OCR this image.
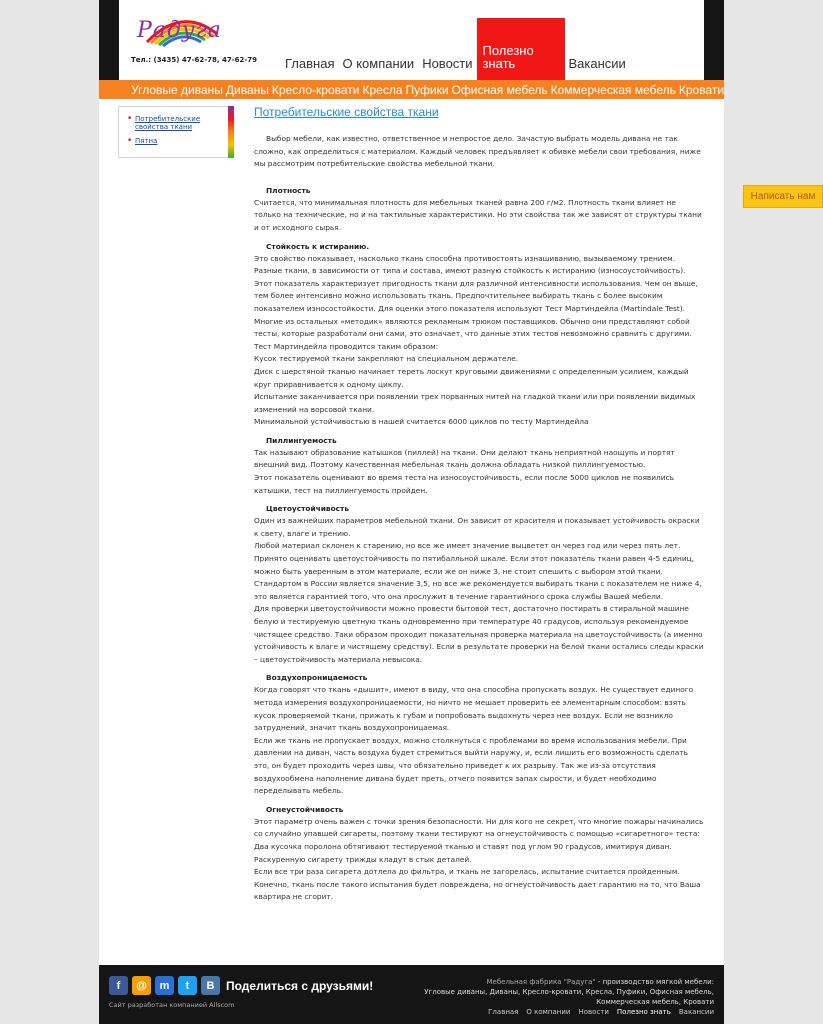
Радуга
Тел.: (3435) 47-62-78, 47-62-79	Главная О компании Новости
Полезно знать	Вакансии
Угловые диваны Диваны Кресло-кровати Кресла Пуфики Офисная мебель Коммерческая мебель Кровати
• Потребительские свойства ткани
• Пятна
Потребительские свойства ткани

Выбор мебели, как известно, ответственное и непростое дело. Зачастую выбрать модель дивана не так сложно, как определиться с материалом. Каждый человек предъявляет к обивке мебели свои требования, ниже мы рассмотрим потребительские свойства мебельной ткани.

Плотность

Считается, что минимальная плотность для мебельных тканей равна 200 г/м2. Плотность ткани влияет не только на технические, но и на тактильные характеристики. Но эти свойства так же зависят от структуры ткани и от исходного сырья.

Стойкость к истиранию.

Это свойство показывает, насколько ткань способна противостоять изнашиванию, вызываемому трением. Разные ткани, в зависимости от типа и состава, имеют разную стойкость к истиранию (износоустойчивость). Этот показатель характеризует пригодность ткани для различной интенсивности использования. Чем он выше, тем более интенсивно можно использовать ткань. Предпочтительнее выбирать ткань с более высоким показателем износостойкости. Для оценки этого показателя используют Тест Мартиндейла (Martindale Test).
Многие из остальных «методик» являются рекламным трюком поставщиков. Обычно они представляют собой тесты, которые разработали они сами, это означает, что данные этих тестов невозможно сравнить с другими. Тест Мартиндейла проводится таким образом:
Кусок тестируемой ткани закрепляют на специальном держателе.
Диск с шерстяной тканью начинает тереть лоскут круговыми движениями с определенным усилием, каждый круг приравнивается к одному циклу.
Испытание заканчивается при появлении трех порванных нитей на гладкой ткани или при появлении видимых изменений на ворсовой ткани.
Минимальной устойчивостью в нашей считается 6000 циклов по тесту Мартиндейла

Пиллингуемость

Так называют образование катышков (пиллей) на ткани. Они делают ткань неприятной наощупь и портят внешний вид. Поэтому качественная мебельная ткань должна обладать низкой пиллингуемостью.
Этот показатель оценивают во время теста на износоустойчивость, если после 5000 циклов не появились катышки, тест на пиллингуемость пройден.

Цветоустойчивость

Один из важнейших параметров мебельной ткани. Он зависит от красителя и показывает устойчивость окраски к свету, влаге и трению.
Любой материал склонен к старению, но все же имеет значение выцветет он через год или через пять лет. Принято оценивать цветоустойчивость по пятибалльной шкале. Если этот показатель ткани равен 4-5 единиц, можно быть уверенным в этом материале, если же он ниже 3, не стоит спешить с выбором этой ткани. Стандартом в России является значение 3,5, но все же рекомендуется выбирать ткани с показателем не ниже 4, это является гарантией того, что она прослужит в течение гарантийного срока службы Вашей мебели.
Для проверки цветоустойчивости можно провести бытовой тест, достаточно постирать в стиральной машине белую и тестируемую цветную ткань одновременно при температуре 40 градусов, используя рекомендуемое чистящее средство. Таки образом проходит показательная проверка материала на цветоустойчивость (а именно устойчивость к влаге и чистящему средству). Если в результате проверки на белой ткани остались следы краски – цветоустойчивость материала невысока.

Воздухопроницаемость

Когда говорят что ткань «дышит», имеют в виду, что она способна пропускать воздух. Не существует единого метода измерения воздухопроницаемости, но ничто не мешает проверить ее элементарным способом: взять кусок проверяемой ткани, прижать к губам и попробовать выдохнуть через нее воздух. Если не возникло затруднений, значит ткань воздухопроницаемая.
Если же ткань не пропускает воздух, можно столкнуться с проблемами во время использования мебели. При давлении на диван, часть воздуха будет стремиться выйти наружу, и, если лишить его возможность сделать это, он будет проходить через швы, что обязательно приведет к их разрыву. Так же из-за отсутствия воздухообмена наполнение дивана будет преть, отчего появится запах сырости, и будет необходимо переделывать мебель.

Огнеустойчивость

Этот параметр очень важен с точки зрения безопасности. Ни для кого не секрет, что многие пожары начинались со случайно упавшей сигареты, поэтому ткани тестируют на огнеустойчивость с помощью «сигаретного» теста:
Два кусочка поролона обтягивают тестируемой тканью и ставят под углом 90 градусов, имитируя диван. Раскуренную сигарету трижды кладут в стык деталей.
Если все три раза сигарета дотлела до фильтра, и ткань не загорелась, испытание считается пройденным. Конечно, ткань после такого испытания будет повреждена, но огнеустойчивость дает гарантию на то, что Ваша квартира не сгорит.

f	@	m	t	B Поделиться с друзьями!
Сайт разработан компанией Allscom
Мебельная фабрика "Радуга" - производство мягкой мебели:
Угловые диваны, Диваны, Кресло-кровати, Кресла, Пуфики, Офисная мебель,
Коммерческая мебель, Кровати
Главная О компании Новости Полезно знать Вакансии
Написать нам
